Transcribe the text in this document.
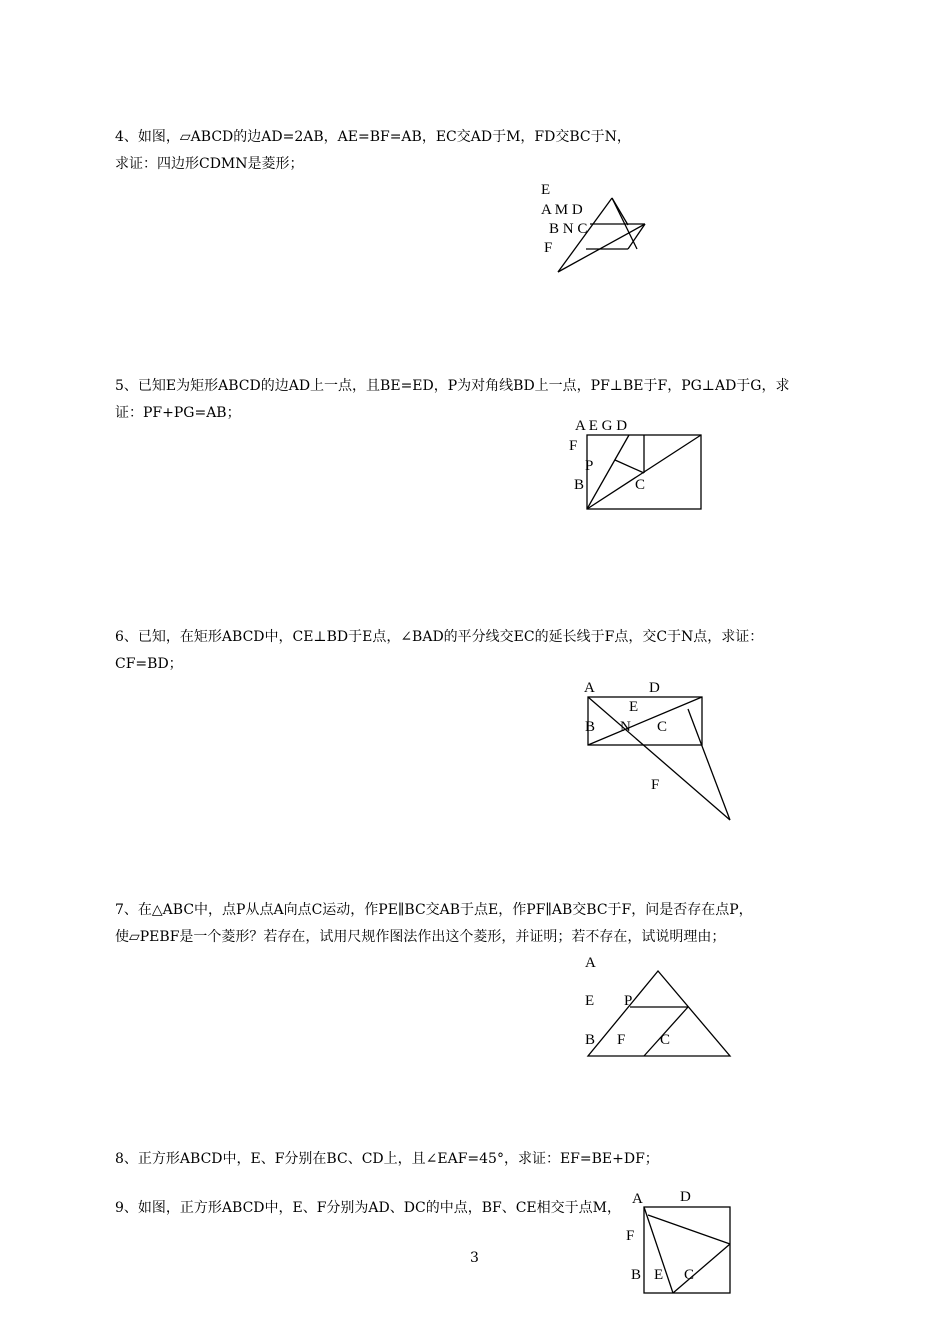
4、如图，▱ABCD的边AD=2AB，AE=BF=AB，EC交AD于M，FD交BC于N，
求证：四边形CDMN是菱形；
E
A M D
B N C
F
5、已知E为矩形ABCD的边AD上一点，且BE=ED，P为对角线BD上一点，PF⊥BE于F，PG⊥AD于G，求
证：PF+PG=AB；
A E G D
F
P
B	C
6、已知，在矩形ABCD中，CE⊥BD于E点，∠BAD的平分线交EC的延长线于F点，交C于N点，求证：
CF=BD；
A	D
E
B N C
F
7、在△ABC中，点P从点A向点C运动，作PE∥BC交AB于点E，作PF∥AB交BC于F，问是否存在点P，
使▱PEBF是一个菱形？若存在，试用尺规作图法作出这个菱形，并证明；若不存在，试说明理由；
A
E P
B F C
8、正方形ABCD中，E、F分别在BC、CD上，且∠EAF=45°，求证：EF=BE+DF；
9、如图，正方形ABCD中，E、F分别为AD、DC的中点，BF、CE相交于点M，
A D
F
B E C
3
